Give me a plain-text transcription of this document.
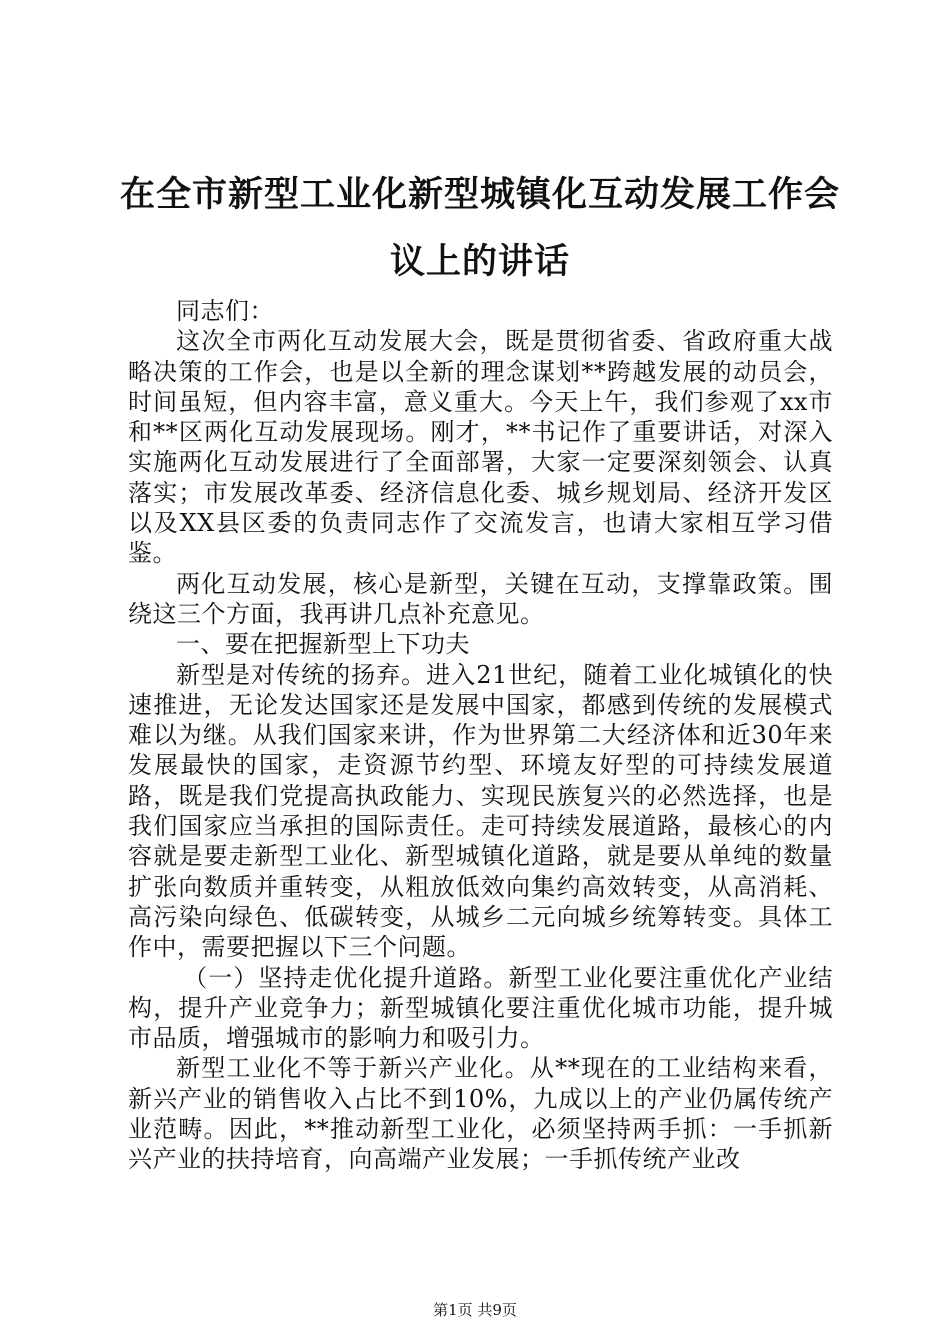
在全市新型工业化新型城镇化互动发展工作会议上的讲话

同志们：

这次全市两化互动发展大会，既是贯彻省委、省政府重大战略决策的工作会，也是以全新的理念谋划**跨越发展的动员会，时间虽短，但内容丰富，意义重大。今天上午，我们参观了xx市和**区两化互动发展现场。刚才，**书记作了重要讲话，对深入实施两化互动发展进行了全面部署，大家一定要深刻领会、认真落实；市发展改革委、经济信息化委、城乡规划局、经济开发区以及XX县区委的负责同志作了交流发言，也请大家相互学习借鉴。

两化互动发展，核心是新型，关键在互动，支撑靠政策。围绕这三个方面，我再讲几点补充意见。

一、要在把握新型上下功夫

新型是对传统的扬弃。进入21世纪，随着工业化城镇化的快速推进，无论发达国家还是发展中国家，都感到传统的发展模式难以为继。从我们国家来讲，作为世界第二大经济体和近30年来发展最快的国家，走资源节约型、环境友好型的可持续发展道路，既是我们党提高执政能力、实现民族复兴的必然选择，也是我们国家应当承担的国际责任。走可持续发展道路，最核心的内容就是要走新型工业化、新型城镇化道路，就是要从单纯的数量扩张向数质并重转变，从粗放低效向集约高效转变，从高消耗、高污染向绿色、低碳转变，从城乡二元向城乡统筹转变。具体工作中，需要把握以下三个问题。

（一）坚持走优化提升道路。新型工业化要注重优化产业结构，提升产业竞争力；新型城镇化要注重优化城市功能，提升城市品质，增强城市的影响力和吸引力。

新型工业化不等于新兴产业化。从**现在的工业结构来看，新兴产业的销售收入占比不到10%，九成以上的产业仍属传统产业范畴。因此，**推动新型工业化，必须坚持两手抓：一手抓新兴产业的扶持培育，向高端产业发展；一手抓传统产业改

第1页 共9页
